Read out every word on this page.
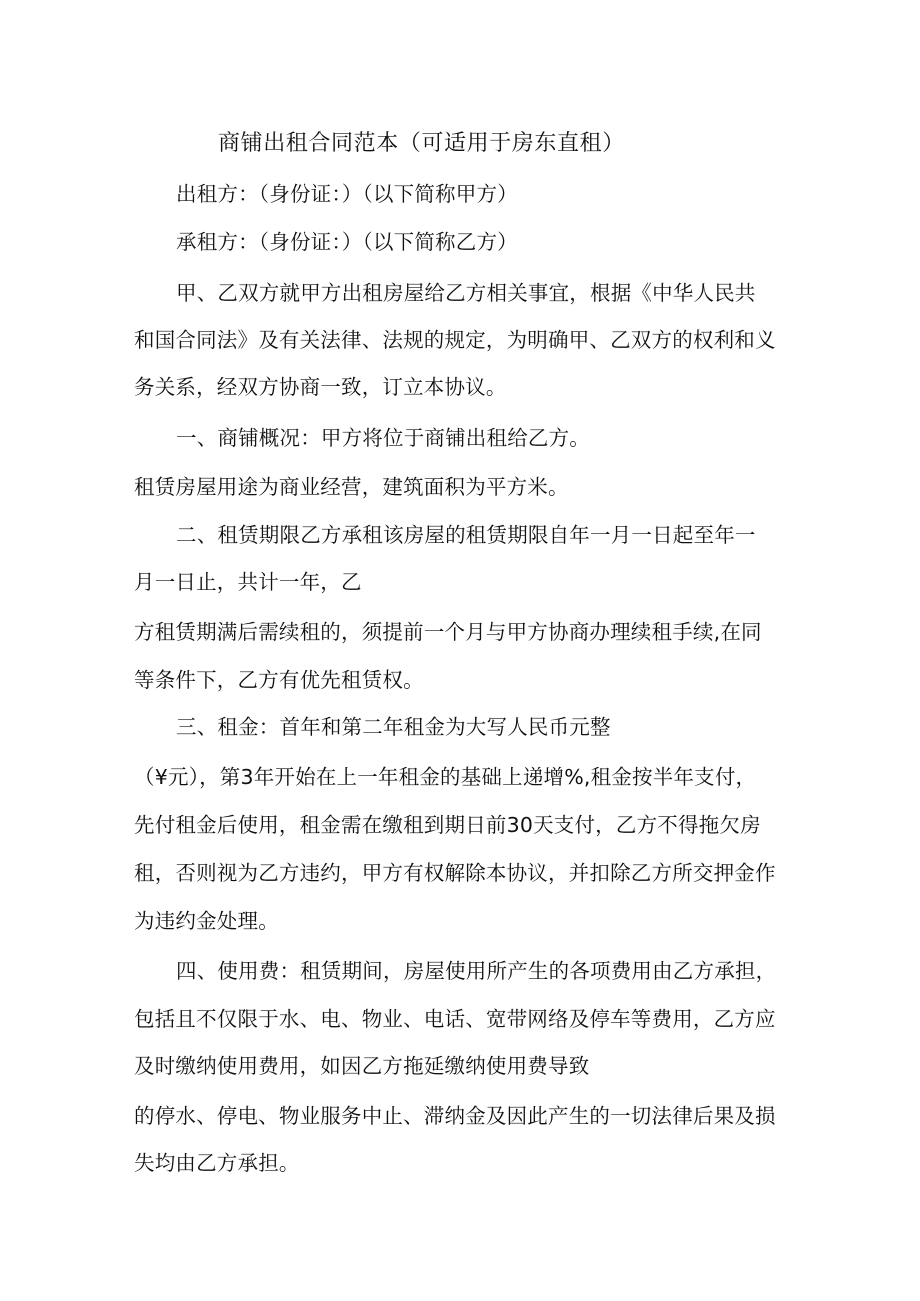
商铺出租合同范本（可适用于房东直租）
出租方：（身份证：）（以下简称甲方）
承租方：（身份证：）（以下简称乙方）
甲、乙双方就甲方出租房屋给乙方相关事宜，根据《中华人民共
和国合同法》及有关法律、法规的规定，为明确甲、乙双方的权利和义
务关系，经双方协商一致，订立本协议。
一、商铺概况：甲方将位于商铺出租给乙方。
租赁房屋用途为商业经营，建筑面积为平方米。
二、租赁期限乙方承租该房屋的租赁期限自年一月一日起至年一
月一日止，共计一年，乙
方租赁期满后需续租的，须提前一个月与甲方协商办理续租手续,在同
等条件下，乙方有优先租赁权。
三、租金：首年和第二年租金为大写人民币元整
（¥元），第3年开始在上一年租金的基础上递增%,租金按半年支付，
先付租金后使用，租金需在缴租到期日前30天支付，乙方不得拖欠房
租，否则视为乙方违约，甲方有权解除本协议，并扣除乙方所交押金作
为违约金处理。
四、使用费：租赁期间，房屋使用所产生的各项费用由乙方承担，
包括且不仅限于水、电、物业、电话、宽带网络及停车等费用，乙方应
及时缴纳使用费用，如因乙方拖延缴纳使用费导致
的停水、停电、物业服务中止、滞纳金及因此产生的一切法律后果及损
失均由乙方承担。
